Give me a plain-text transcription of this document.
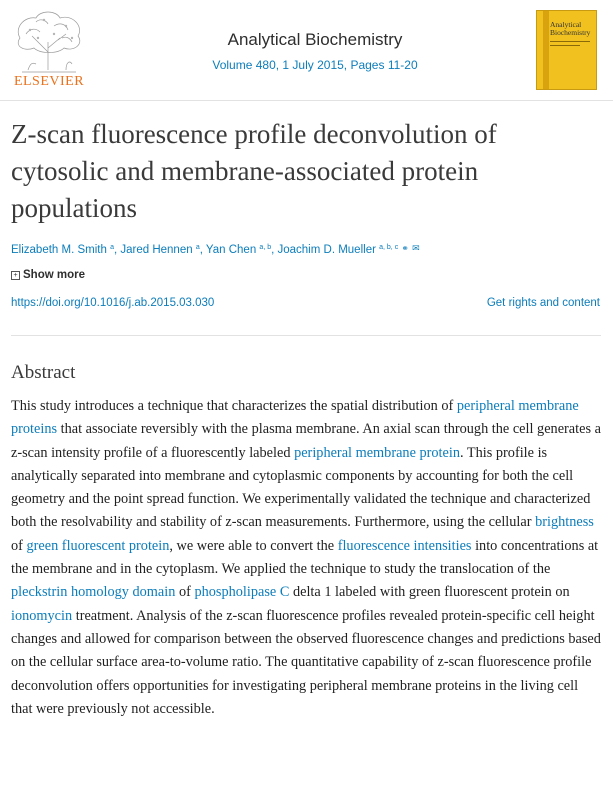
ELSEVIER
Analytical Biochemistry
Volume 480, 1 July 2015, Pages 11-20
Analytical
Biochemistry
Z-scan fluorescence profile deconvolution of cytosolic and membrane-associated protein populations
Elizabeth M. Smith $^a$, Jared Hennen $^a$, Yan Chen $^{a, b}$, Joachim D. Mueller $^{a, b, c}$ ⚭ ✉
+ Show more
https://doi.org/10.1016/j.ab.2015.03.030	Get rights and content
Abstract

This study introduces a technique that characterizes the spatial distribution of peripheral membrane proteins that associate reversibly with the plasma membrane. An axial scan through the cell generates a z-scan intensity profile of a fluorescently labeled peripheral membrane protein. This profile is analytically separated into membrane and cytoplasmic components by accounting for both the cell geometry and the point spread function. We experimentally validated the technique and characterized both the resolvability and stability of z-scan measurements. Furthermore, using the cellular brightness of green fluorescent protein, we were able to convert the fluorescence intensities into concentrations at the membrane and in the cytoplasm. We applied the technique to study the translocation of the pleckstrin homology domain of phospholipase C delta 1 labeled with green fluorescent protein on ionomycin treatment. Analysis of the z-scan fluorescence profiles revealed protein-specific cell height changes and allowed for comparison between the observed fluorescence changes and predictions based on the cellular surface area-to-volume ratio. The quantitative capability of z-scan fluorescence profile deconvolution offers opportunities for investigating peripheral membrane proteins in the living cell that were previously not accessible.
